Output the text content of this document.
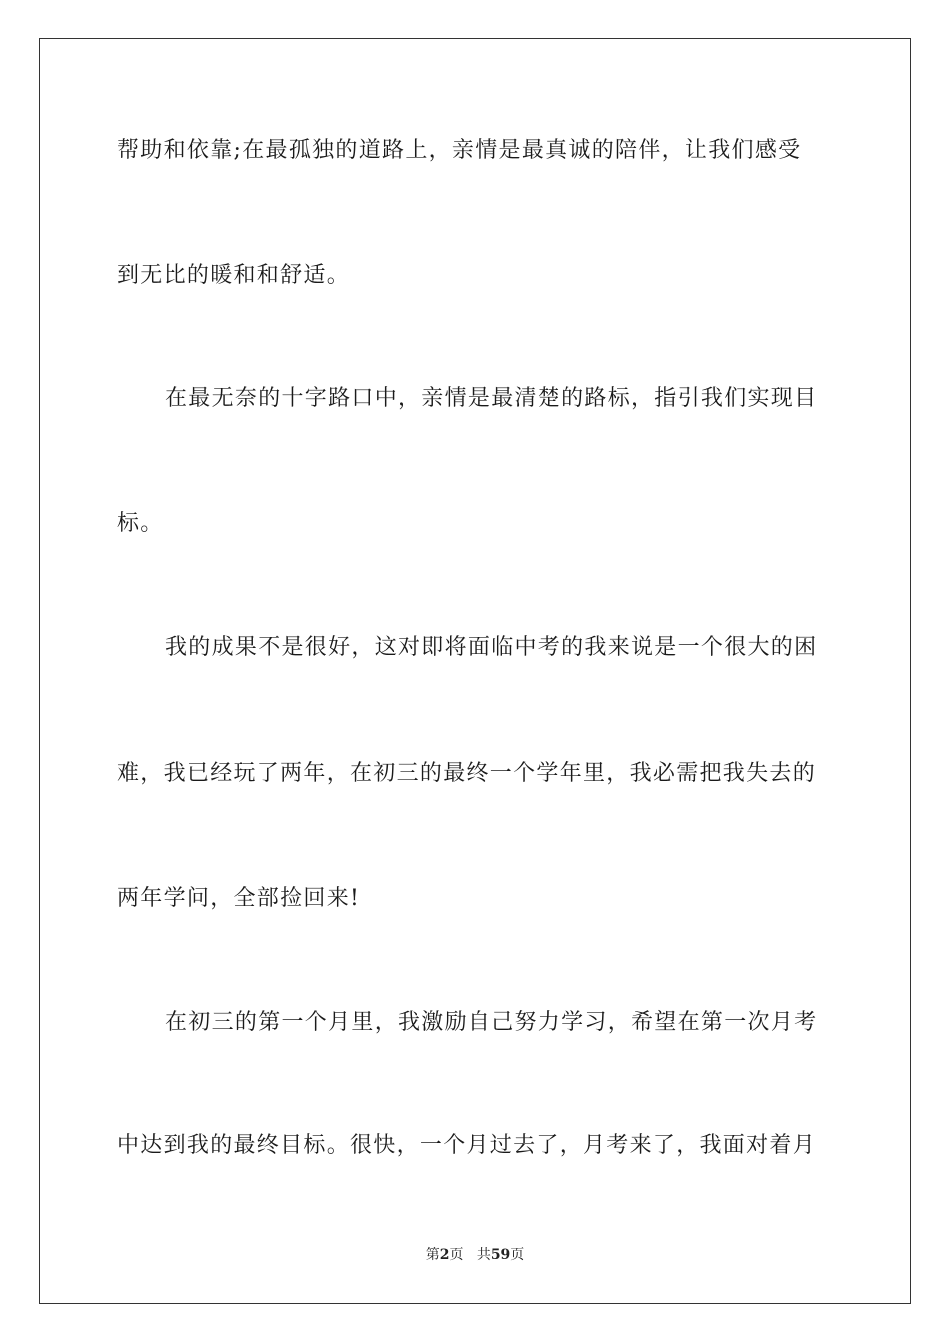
帮助和依靠;在最孤独的道路上，亲情是最真诚的陪伴，让我们感受
到无比的暖和和舒适。
在最无奈的十字路口中，亲情是最清楚的路标，指引我们实现目
标。
我的成果不是很好，这对即将面临中考的我来说是一个很大的困
难，我已经玩了两年，在初三的最终一个学年里，我必需把我失去的
两年学问，全部捡回来!
在初三的第一个月里，我激励自己努力学习，希望在第一次月考
中达到我的最终目标。很快，一个月过去了，月考来了，我面对着月
第2页 共59页
